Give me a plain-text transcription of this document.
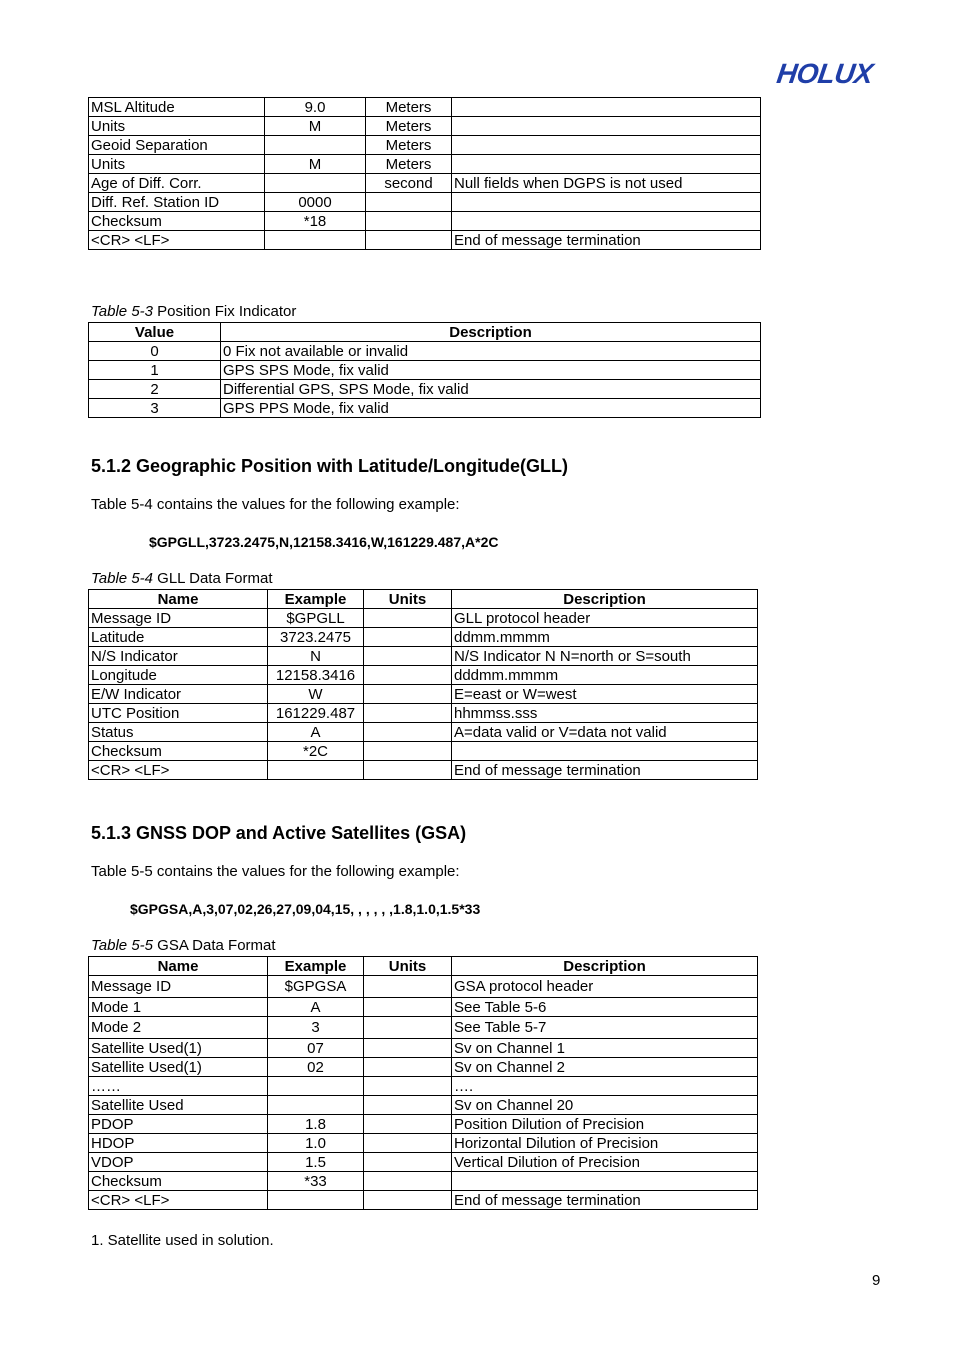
HOLUX
MSL Altitude	9.0	Meters	
Units	M	Meters	
Geoid Separation		Meters	
Units	M	Meters	
Age of Diff. Corr.		second	Null fields when DGPS is not used
Diff. Ref. Station ID	0000		
Checksum	*18		
<CR> <LF>			End of message termination
Table 5-3 Position Fix Indicator
Value	Description
0	0 Fix not available or invalid
1	GPS SPS Mode, fix valid
2	Differential GPS, SPS Mode, fix valid
3	GPS PPS Mode, fix valid
5.1.2 Geographic Position with Latitude/Longitude(GLL)
Table 5-4 contains the values for the following example:
$GPGLL,3723.2475,N,12158.3416,W,161229.487,A*2C
Table 5-4 GLL Data Format
Name	Example	Units	Description
Message ID	$GPGLL		GLL protocol header
Latitude	3723.2475		ddmm.mmmm
N/S Indicator	N		N/S Indicator N N=north or S=south
Longitude	12158.3416		dddmm.mmmm
E/W Indicator	W		E=east or W=west
UTC Position	161229.487		hhmmss.sss
Status	A		A=data valid or V=data not valid
Checksum	*2C		
<CR> <LF>			End of message termination
5.1.3 GNSS DOP and Active Satellites (GSA)
Table 5-5 contains the values for the following example:
$GPGSA,A,3,07,02,26,27,09,04,15, , , , , ,1.8,1.0,1.5*33
Table 5-5 GSA Data Format
Name	Example	Units	Description
Message ID	$GPGSA		GSA protocol header
Mode 1	A		See Table 5-6
Mode 2	3		See Table 5-7
Satellite Used(1)	07		Sv on Channel 1
Satellite Used(1)	02		Sv on Channel 2
……			….
Satellite Used			Sv on Channel 20
PDOP	1.8		Position Dilution of Precision
HDOP	1.0		Horizontal Dilution of Precision
VDOP	1.5		Vertical Dilution of Precision
Checksum	*33		
<CR> <LF>			End of message termination
1. Satellite used in solution.
9
